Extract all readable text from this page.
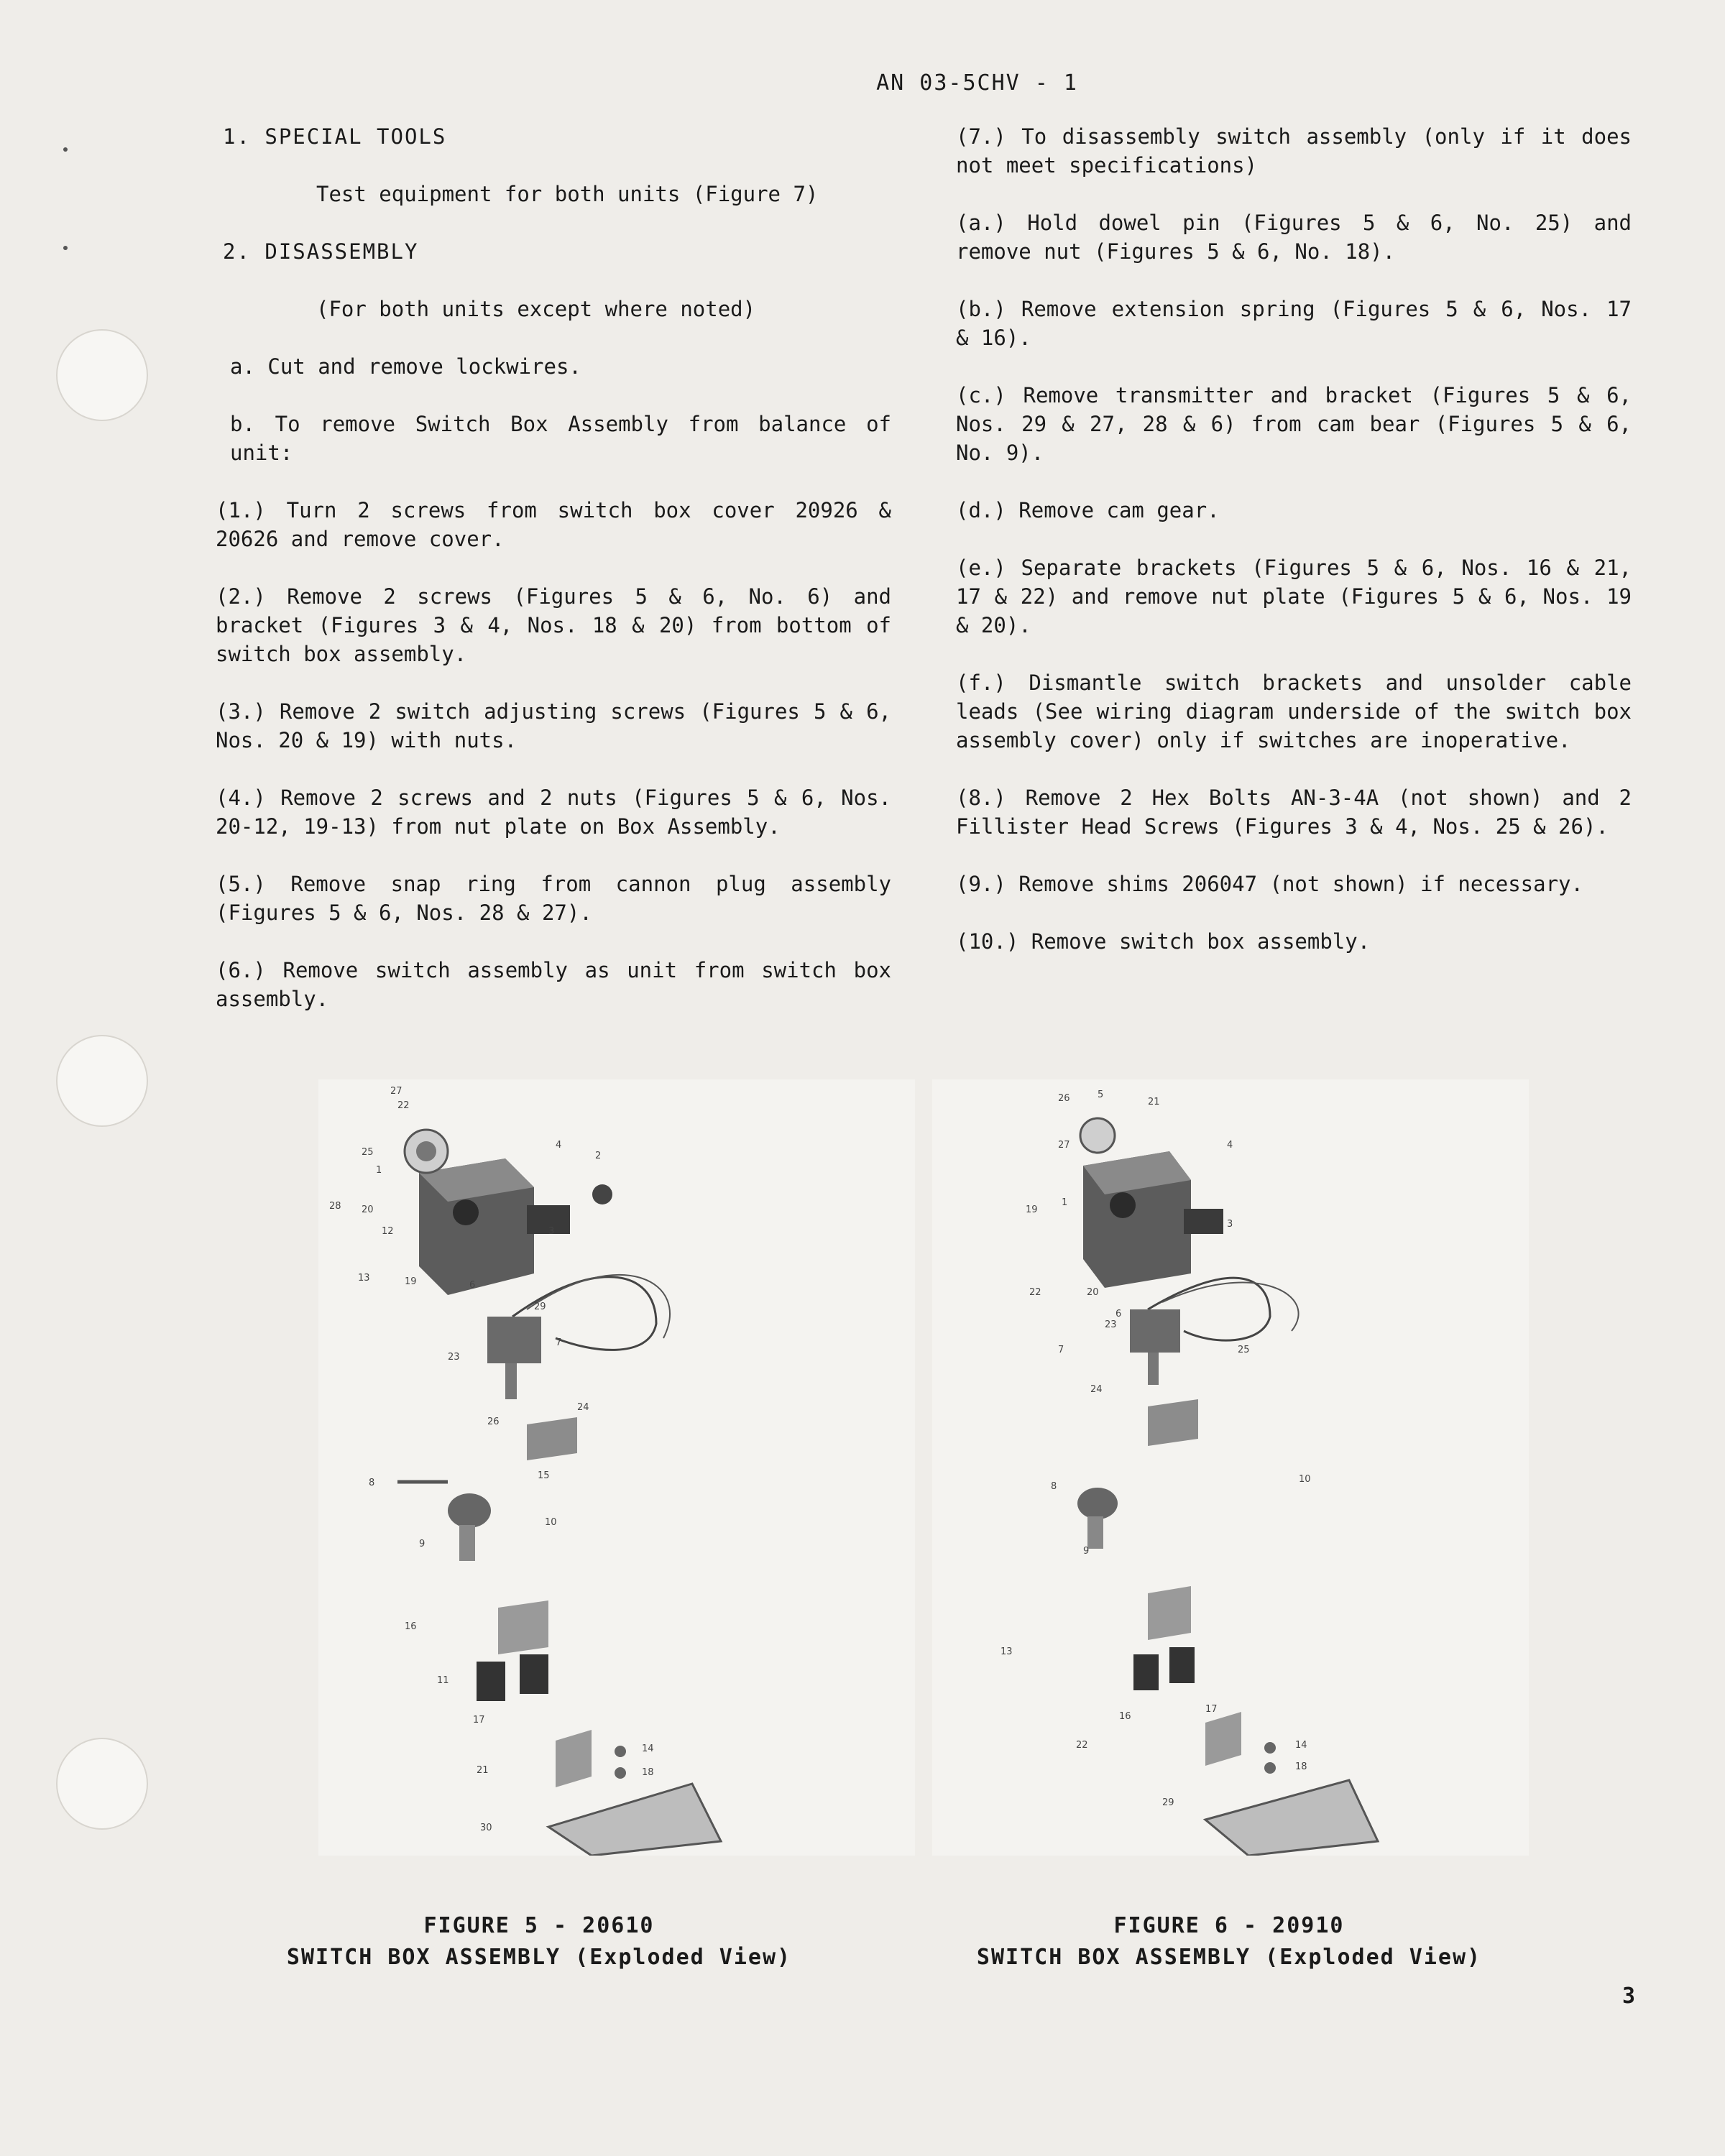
AN 03-5CHV - 1

1. SPECIAL TOOLS

Test equipment for both units (Figure 7)

2. DISASSEMBLY

(For both units except where noted)

a. Cut and remove lockwires.

b. To remove Switch Box Assembly from balance of unit:

(1.) Turn 2 screws from switch box cover 20926 & 20626 and remove cover.

(2.) Remove 2 screws (Figures 5 & 6, No. 6) and bracket (Figures 3 & 4, Nos. 18 & 20) from bottom of switch box assembly.

(3.) Remove 2 switch adjusting screws (Figures 5 & 6, Nos. 20 & 19) with nuts.

(4.) Remove 2 screws and 2 nuts (Figures 5 & 6, Nos. 20-12, 19-13) from nut plate on Box Assembly.

(5.) Remove snap ring from cannon plug assembly (Figures 5 & 6, Nos. 28 & 27).

(6.) Remove switch assembly as unit from switch box assembly.

(7.) To disassembly switch assembly (only if it does not meet specifications)

(a.) Hold dowel pin (Figures 5 & 6, No. 25) and remove nut (Figures 5 & 6, No. 18).

(b.) Remove extension spring (Figures 5 & 6, Nos. 17 & 16).

(c.) Remove transmitter and bracket (Figures 5 & 6, Nos. 29 & 27, 28 & 6) from cam bear (Figures 5 & 6, No. 9).

(d.) Remove cam gear.

(e.) Separate brackets (Figures 5 & 6, Nos. 16 & 21, 17 & 22) and remove nut plate (Figures 5 & 6, Nos. 19 & 20).

(f.) Dismantle switch brackets and unsolder cable leads (See wiring diagram underside of the switch box assembly cover) only if switches are inoperative.

(8.) Remove 2 Hex Bolts AN-3-4A (not shown) and 2 Fillister Head Screws (Figures 3 & 4, Nos. 25 & 26).

(9.) Remove shims 206047 (not shown) if necessary.

(10.) Remove switch box assembly.

27
22
25
1
4
2
28 20
12	3
13	19	6
29
23
7
26
24
8
15
9
10
16
11
17
21
14
18
30
26	5
21
27
1
4
19
3
22	20
6
23
7	25
24
8
9
10
13
16
17
22	14
18
29
FIGURE 5 - 20610
SWITCH BOX ASSEMBLY (Exploded View)
FIGURE 6 - 20910
SWITCH BOX ASSEMBLY (Exploded View)
3
